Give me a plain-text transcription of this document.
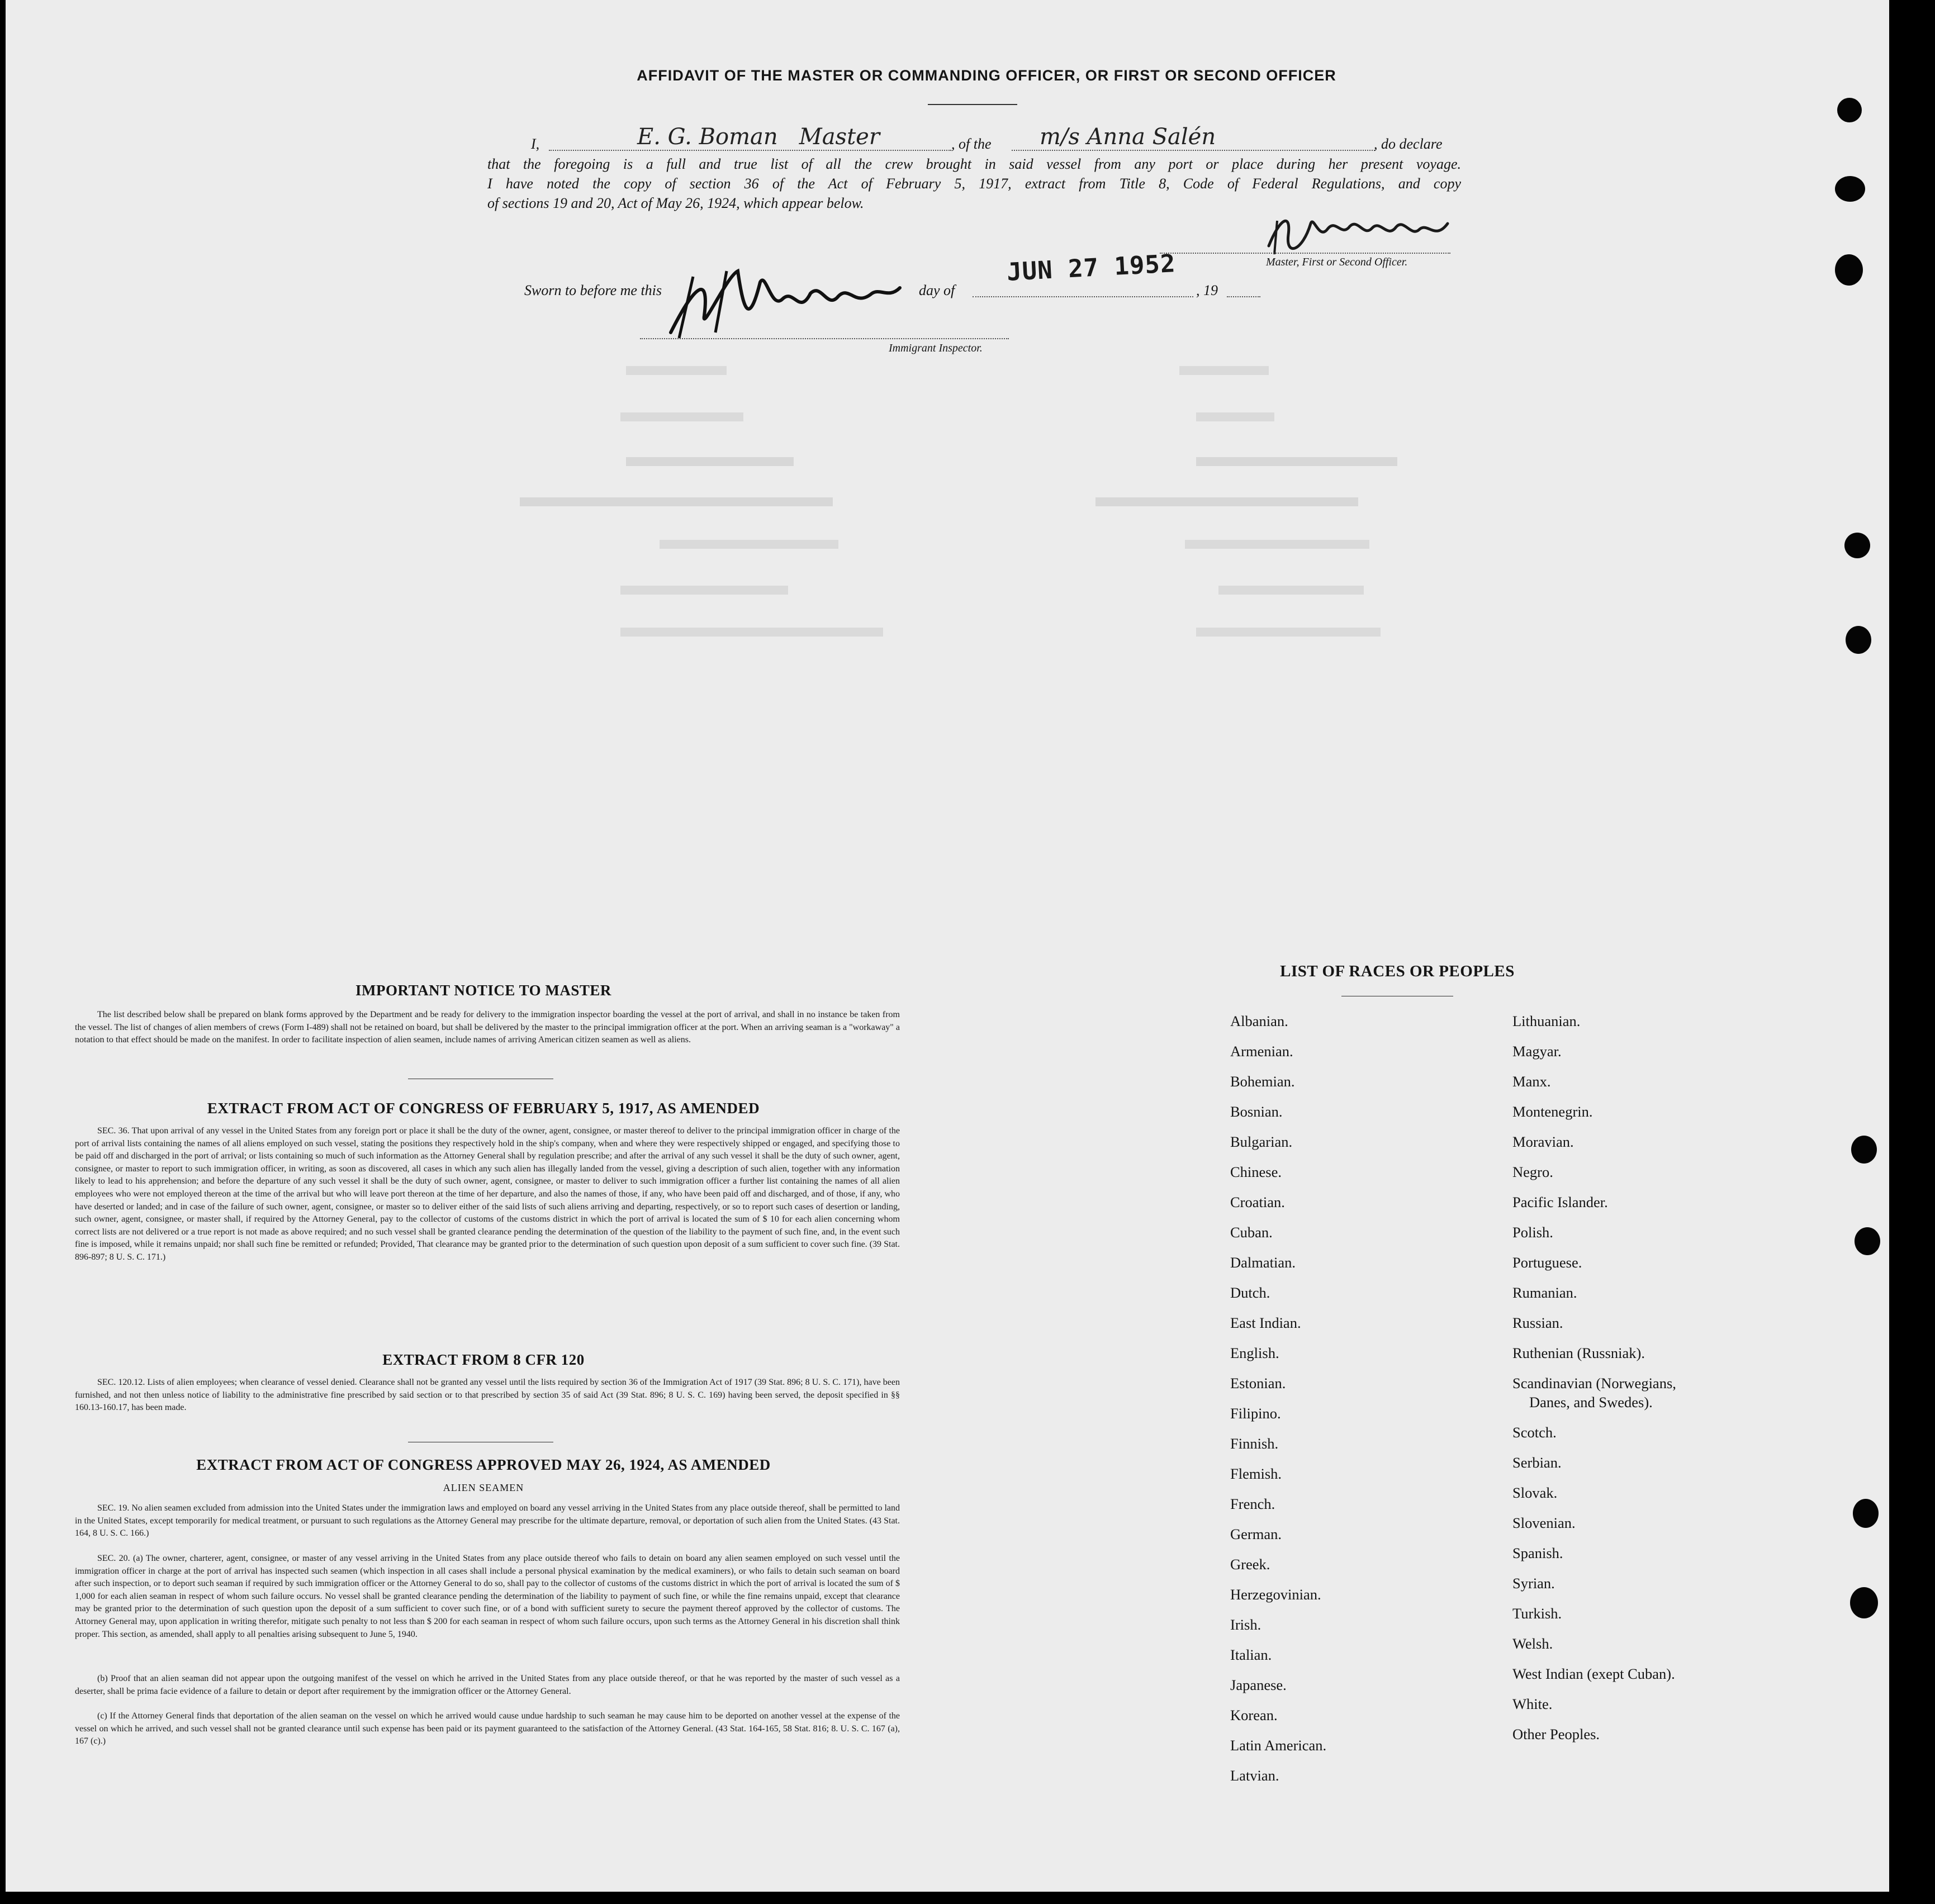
AFFIDAVIT OF THE MASTER OR COMMANDING OFFICER, OR FIRST OR SECOND OFFICER
I,	E. G. Boman   Master	, of the m/s Anna Salén	, do declare
that the foregoing is a full and true list of all the crew brought in said vessel from any port or place during her present voyage.
I have noted the copy of section 36 of the Act of February 5, 1917, extract from Title 8, Code of Federal Regulations, and copy
of sections 19 and 20, Act of May 26, 1924, which appear below.
Master, First or Second Officer.
Sworn to before me this	day of
JUN 27 1952
, 19
Immigrant Inspector.
IMPORTANT NOTICE TO MASTER
The list described below shall be prepared on blank forms approved by the Department and be ready for delivery to the immigration inspector boarding the vessel at the port of arrival, and shall in no instance be taken from the vessel. The list of changes of alien members of crews (Form I-489) shall not be retained on board, but shall be delivered by the master to the principal immigration officer at the port. When an arriving seaman is a "workaway" a notation to that effect should be made on the manifest. In order to facilitate inspection of alien seamen, include names of arriving American citizen seamen as well as aliens.
EXTRACT FROM ACT OF CONGRESS OF FEBRUARY 5, 1917, AS AMENDED
SEC. 36. That upon arrival of any vessel in the United States from any foreign port or place it shall be the duty of the owner, agent, consignee, or master thereof to deliver to the principal immigration officer in charge of the port of arrival lists containing the names of all aliens employed on such vessel, stating the positions they respectively hold in the ship's company, when and where they were respectively shipped or engaged, and specifying those to be paid off and discharged in the port of arrival; or lists containing so much of such information as the Attorney General shall by regulation prescribe; and after the arrival of any such vessel it shall be the duty of such owner, agent, consignee, or master to report to such immigration officer, in writing, as soon as discovered, all cases in which any such alien has illegally landed from the vessel, giving a description of such alien, together with any information likely to lead to his apprehension; and before the departure of any such vessel it shall be the duty of such owner, agent, consignee, or master to deliver to such immigration officer a further list containing the names of all alien employees who were not employed thereon at the time of the arrival but who will leave port thereon at the time of her departure, and also the names of those, if any, who have been paid off and discharged, and of those, if any, who have deserted or landed; and in case of the failure of such owner, agent, consignee, or master so to deliver either of the said lists of such aliens arriving and departing, respectively, or so to report such cases of desertion or landing, such owner, agent, consignee, or master shall, if required by the Attorney General, pay to the collector of customs of the customs district in which the port of arrival is located the sum of $ 10 for each alien concerning whom correct lists are not delivered or a true report is not made as above required; and no such vessel shall be granted clearance pending the determination of the question of the liability to the payment of such fine, and, in the event such fine is imposed, while it remains unpaid; nor shall such fine be remitted or refunded; Provided, That clearance may be granted prior to the determination of such question upon deposit of a sum sufficient to cover such fine. (39 Stat. 896-897; 8 U. S. C. 171.)
EXTRACT FROM 8 CFR 120
SEC. 120.12. Lists of alien employees; when clearance of vessel denied. Clearance shall not be granted any vessel until the lists required by section 36 of the Immigration Act of 1917 (39 Stat. 896; 8 U. S. C. 171), have been furnished, and not then unless notice of liability to the administrative fine prescribed by said section or to that prescribed by section 35 of said Act (39 Stat. 896; 8 U. S. C. 169) having been served, the deposit specified in §§ 160.13-160.17, has been made.
EXTRACT FROM ACT OF CONGRESS APPROVED MAY 26, 1924, AS AMENDED
ALIEN SEAMEN
SEC. 19. No alien seamen excluded from admission into the United States under the immigration laws and employed on board any vessel arriving in the United States from any place outside thereof, shall be permitted to land in the United States, except temporarily for medical treatment, or pursuant to such regulations as the Attorney General may prescribe for the ultimate departure, removal, or deportation of such alien from the United States. (43 Stat. 164, 8 U. S. C. 166.)
SEC. 20. (a) The owner, charterer, agent, consignee, or master of any vessel arriving in the United States from any place outside thereof who fails to detain on board any alien seamen employed on such vessel until the immigration officer in charge at the port of arrival has inspected such seamen (which inspection in all cases shall include a personal physical examination by the medical examiners), or who fails to detain such seaman on board after such inspection, or to deport such seaman if required by such immigration officer or the Attorney General to do so, shall pay to the collector of customs of the customs district in which the port of arrival is located the sum of $ 1,000 for each alien seaman in respect of whom such failure occurs. No vessel shall be granted clearance pending the determination of the liability to payment of such fine, or while the fine remains unpaid, except that clearance may be granted prior to the determination of such question upon the deposit of a sum sufficient to cover such fine, or of a bond with sufficient surety to secure the payment thereof approved by the collector of customs. The Attorney General may, upon application in writing therefor, mitigate such penalty to not less than $ 200 for each seaman in respect of whom such failure occurs, upon such terms as the Attorney General in his discretion shall think proper. This section, as amended, shall apply to all penalties arising subsequent to June 5, 1940.
(b) Proof that an alien seaman did not appear upon the outgoing manifest of the vessel on which he arrived in the United States from any place outside thereof, or that he was reported by the master of such vessel as a deserter, shall be prima facie evidence of a failure to detain or deport after requirement by the immigration officer or the Attorney General.
(c) If the Attorney General finds that deportation of the alien seaman on the vessel on which he arrived would cause undue hardship to such seaman he may cause him to be deported on another vessel at the expense of the vessel on which he arrived, and such vessel shall not be granted clearance until such expense has been paid or its payment guaranteed to the satisfaction of the Attorney General. (43 Stat. 164-165, 58 Stat. 816; 8. U. S. C. 167 (a), 167 (c).)
LIST OF RACES OR PEOPLES
Albanian.
Armenian.
Bohemian.
Bosnian.
Bulgarian.
Chinese.
Croatian.
Cuban.
Dalmatian.
Dutch.
East Indian.
English.
Estonian.
Filipino.
Finnish.
Flemish.
French.
German.
Greek.
Herzegovinian.
Irish.
Italian.
Japanese.
Korean.
Latin American.
Latvian.
Lithuanian.
Magyar.
Manx.
Montenegrin.
Moravian.
Negro.
Pacific Islander.
Polish.
Portuguese.
Rumanian.
Russian.
Ruthenian (Russniak).
Scandinavian (Norwegians,
Danes, and Swedes).
Scotch.
Serbian.
Slovak.
Slovenian.
Spanish.
Syrian.
Turkish.
Welsh.
West Indian (exept Cuban).
White.
Other Peoples.
